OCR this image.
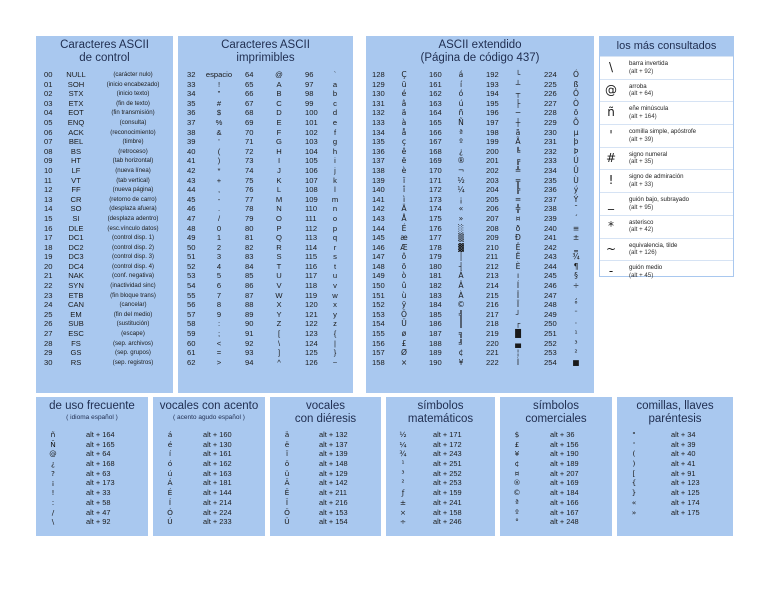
Caracteres ASCII
de control
00	NULL	(carácter nulo)
01	SOH	(inicio encabezado)
02	STX	(inicio texto)
03	ETX	(fin de texto)
04	EOT	(fin transmisión)
05	ENQ	(consulta)
06	ACK	(reconocimiento)
07	BEL	(timbre)
08	BS	(retroceso)
09	HT	(tab horizontal)
10	LF	(nueva línea)
11	VT	(tab vertical)
12	FF	(nueva página)
13	CR	(retorno de carro)
14	SO	(desplaza afuera)
15	SI	(desplaza adentro)
16	DLE	(esc.vínculo datos)
17	DC1	(control disp. 1)
18	DC2	(control disp. 2)
19	DC3	(control disp. 3)
20	DC4	(control disp. 4)
21	NAK	(conf. negativa)
22	SYN	(inactividad sinc)
23	ETB	(fin bloque trans)
24	CAN	(cancelar)
25	EM	(fin del medio)
26	SUB	(sustitución)
27	ESC	(escape)
28	FS	(sep. archivos)
29	GS	(sep. grupos)
30	RS	(sep. registros)
Caracteres ASCII
imprimibles
32	espacio	64	@	96	`
33	!	65	A	97	a
34	"	66	B	98	b
35	#	67	C	99	c
36	$	68	D	100	d
37	%	69	E	101	e
38	&	70	F	102	f
39	'	71	G	103	g
40	(	72	H	104	h
41	)	73	I	105	i
42	*	74	J	106	j
43	+	75	K	107	k
44	,	76	L	108	l
45	-	77	M	109	m
46	.	78	N	110	n
47	/	79	O	111	o
48	0	80	P	112	p
49	1	81	Q	113	q
50	2	82	R	114	r
51	3	83	S	115	s
52	4	84	T	116	t
53	5	85	U	117	u
54	6	86	V	118	v
55	7	87	W	119	w
56	8	88	X	120	x
57	9	89	Y	121	y
58	:	90	Z	122	z
59	;	91	[	123	{
60	<	92	\	124	|
61	=	93	]	125	}
62	>	94	^	126	~
ASCII extendido
(Página de código 437)
128	Ç	160	á	192	└	224	Ó
129	ü	161	í	193	┴	225	ß
130	é	162	ó	194	┬	226	Ô
131	â	163	ú	195	├	227	Ò
132	ä	164	ñ	196	─	228	õ
133	à	165	Ñ	197	┼	229	Õ
134	å	166	ª	198	ã	230	µ
135	ç	167	º	199	Ã	231	þ
136	ê	168	¿	200	╚	232	Þ
137	ë	169	®	201	╔	233	Ú
138	è	170	¬	202	╩	234	Û
139	ï	171	½	203	╦	235	Ù
140	î	172	¼	204	╠	236	ý
141	ì	173	¡	205	═	237	Ý
142	Ä	174	«	206	╬	238	¯
143	Å	175	»	207	¤	239	´
144	É	176	░	208	ð	240	≡
145	æ	177	▒	209	Ð	241	±
146	Æ	178	▓	210	Ê	242	‗
147	ô	179	│	211	Ë	243	¾
148	ö	180	┤	212	È	244	¶
149	ò	181	Á	213	ı	245	§
150	û	182	Â	214	Í	246	÷
151	ù	183	À	215	Î	247	¸
152	ÿ	184	©	216	Ï	248	°
153	Ö	185	╣	217	┘	249	¨
154	Ü	186	║	218	┌	250	·
155	ø	187	╗	219	█	251	¹
156	£	188	╝	220	▄	252	³
157	Ø	189	¢	221	¦	253	²
158	×	190	¥	222	Ì	254	■
los más consultados
\	barra invertida
(alt + 92)
@ arroba
(alt + 64)
ñ	eñe minúscula
(alt + 164)
'	comilla simple, apóstrofe
(alt + 39)
#	signo numeral
(alt + 35)
!	signo de admiración
(alt + 33)
_	guión bajo, subrayado
(alt + 95)
*	asterisco
(alt + 42)
~	equivalencia, tilde
(alt + 126)
-	guión medio
(alt + 45)
de uso frecuente
( idioma español )
ñ	alt + 164
Ñ	alt + 165
@	alt + 64
¿	alt + 168
?	alt + 63
¡	alt + 173
!	alt + 33
:	alt + 58
/	alt + 47
\	alt + 92
vocales con acento
( acento agudo español )
á	alt + 160
é	alt + 130
í	alt + 161
ó	alt + 162
ú	alt + 163
Á	alt + 181
É	alt + 144
Í	alt + 214
Ó	alt + 224
Ú	alt + 233
vocales
con diéresis
ä	alt + 132
ë	alt + 137
ï	alt + 139
ö	alt + 148
ü	alt + 129
Ä	alt + 142
Ë	alt + 211
Ï	alt + 216
Ö	alt + 153
Ü	alt + 154
símbolos
matemáticos
½	alt + 171
¼	alt + 172
¾	alt + 243
¹	alt + 251
³	alt + 252
²	alt + 253
ƒ	alt + 159
±	alt + 241
×	alt + 158
÷	alt + 246
símbolos
comerciales
$	alt + 36
£	alt + 156
¥	alt + 190
¢	alt + 189
¤	alt + 207
®	alt + 169
©	alt + 184
ª	alt + 166
º	alt + 167
°	alt + 248
comillas, llaves
paréntesis
"	alt + 34
'	alt + 39
(	alt + 40
)	alt + 41
[	alt + 91
{	alt + 123
}	alt + 125
«	alt + 174
»	alt + 175
